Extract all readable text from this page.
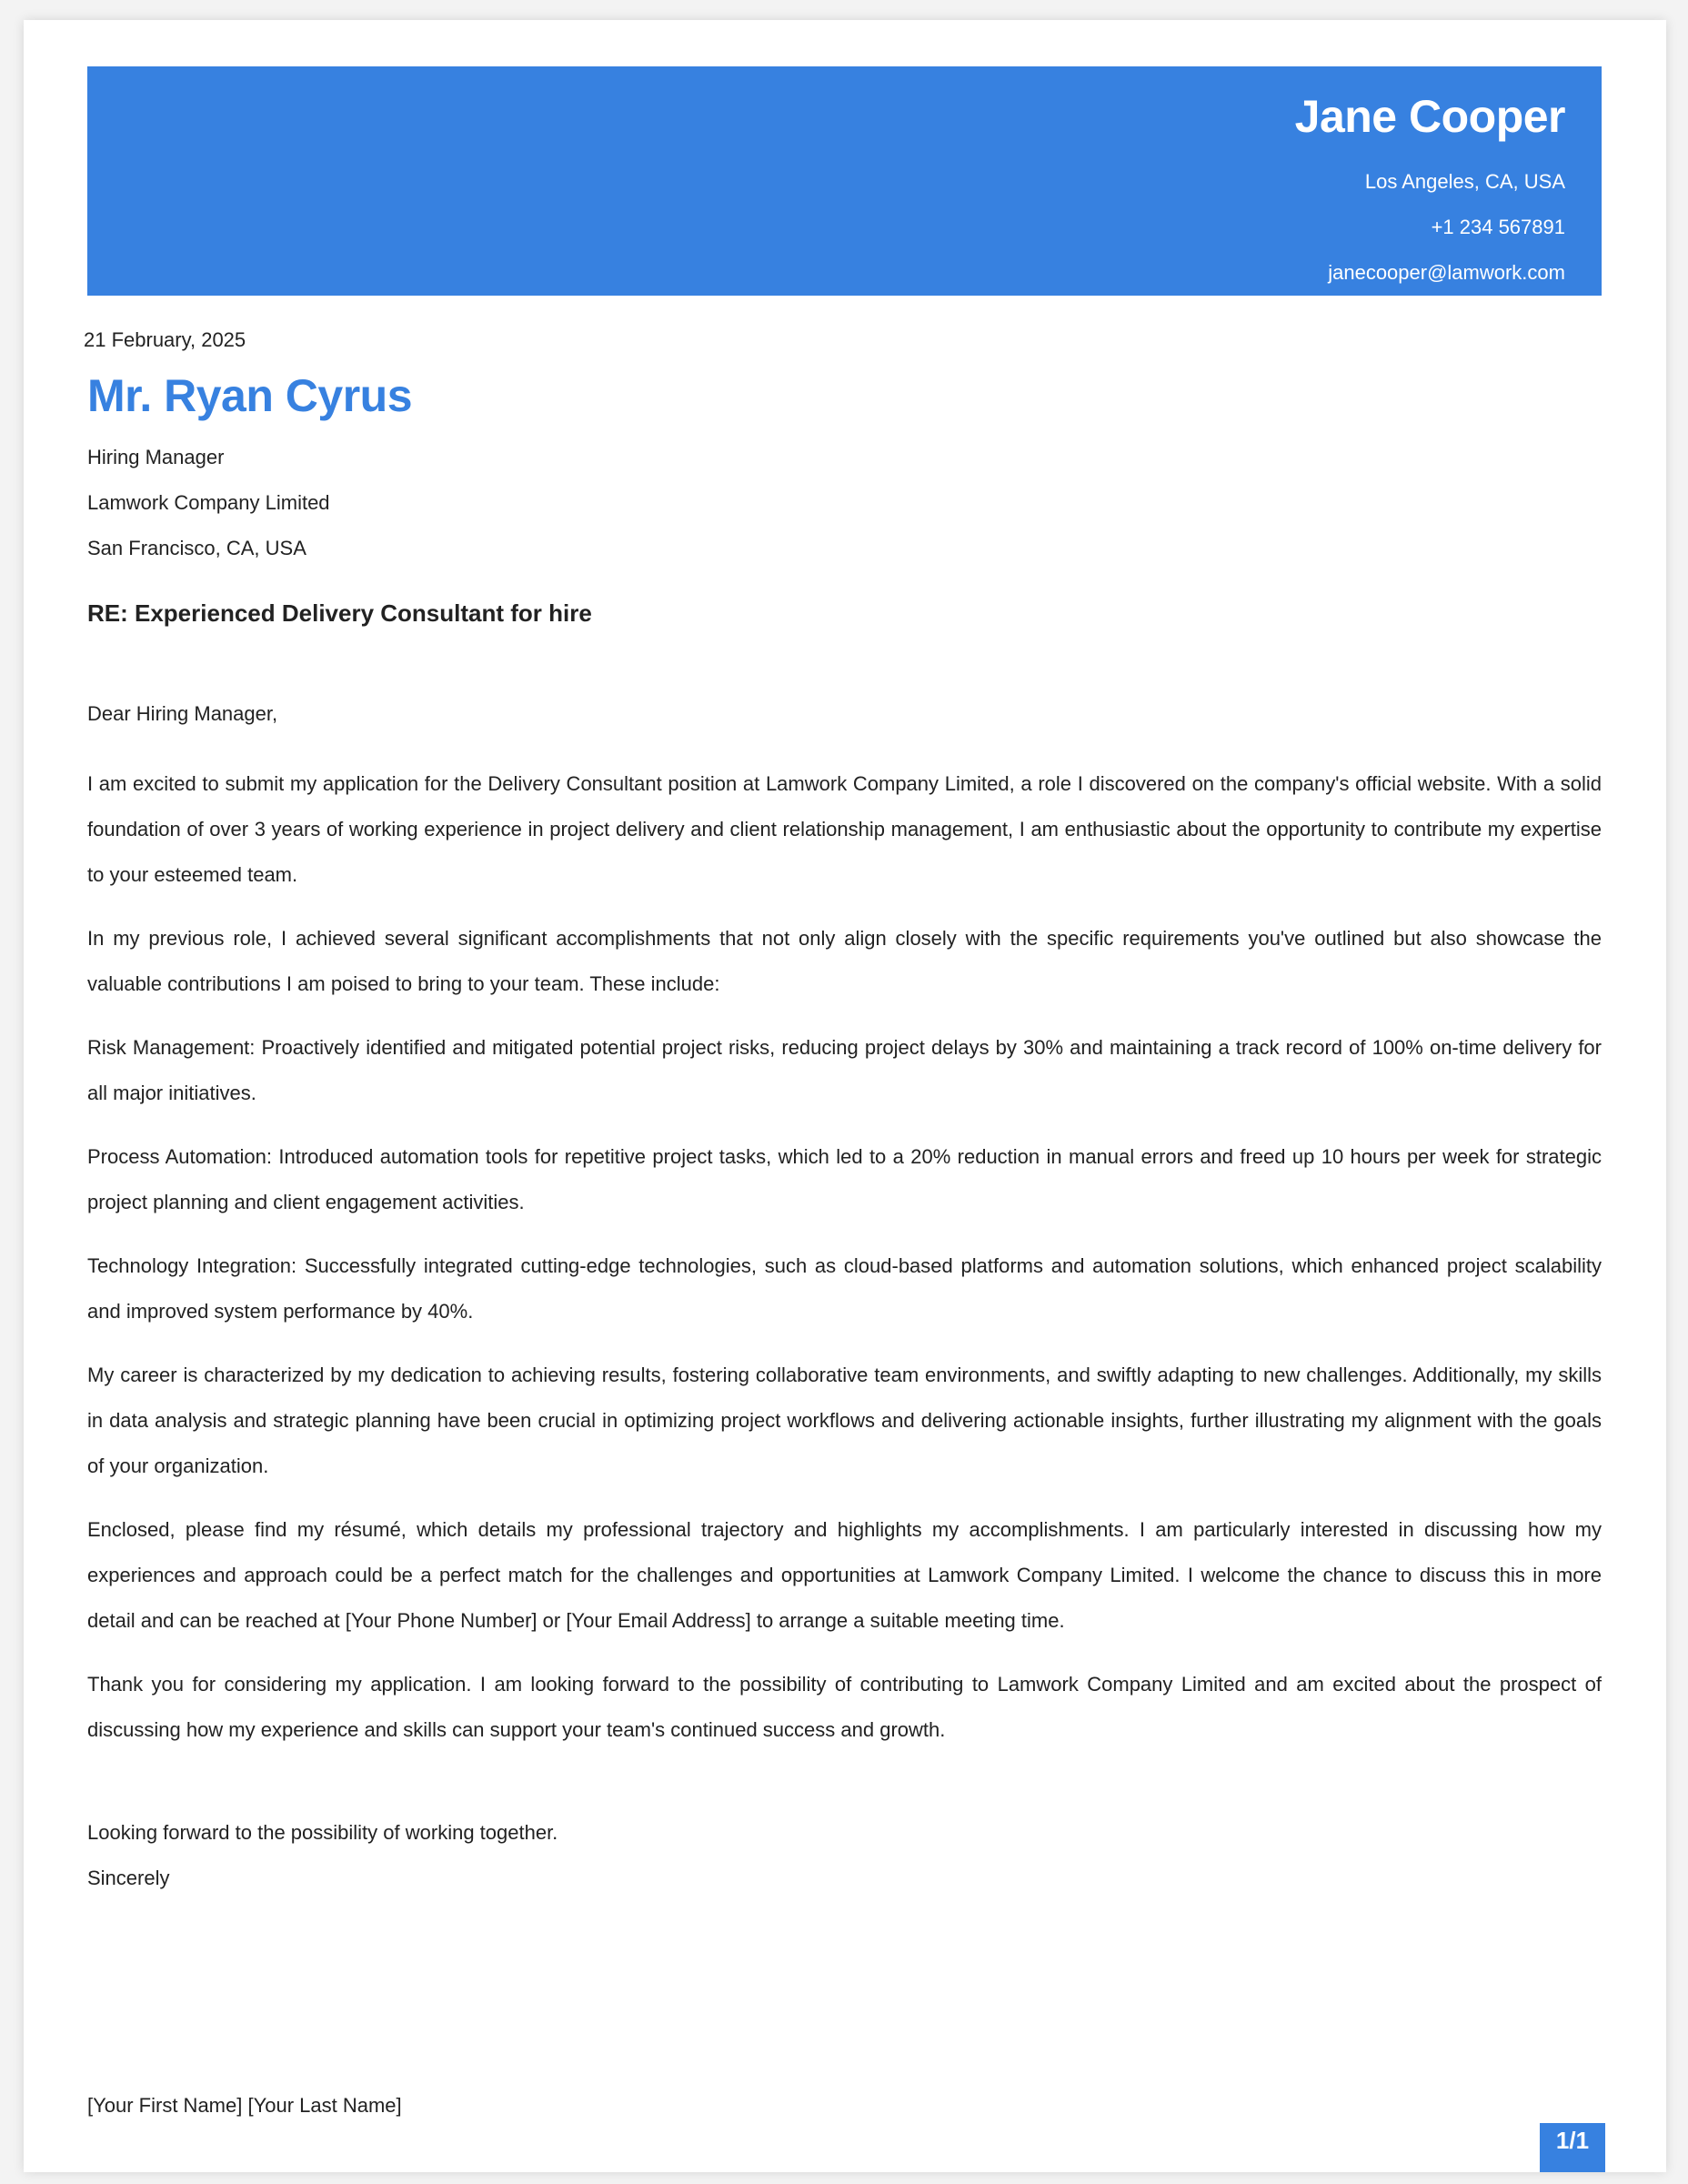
Jane Cooper
Los Angeles, CA, USA
+1 234 567891
janecooper@lamwork.com
21 February, 2025
Mr. Ryan Cyrus
Hiring Manager
Lamwork Company Limited
San Francisco, CA, USA
RE: Experienced Delivery Consultant for hire
Dear Hiring Manager,

I am excited to submit my application for the Delivery Consultant position at Lamwork Company Limited, a role I discovered on the company's official website. With a solid foundation of over 3 years of working experience in project delivery and client relationship management, I am enthusiastic about the opportunity to contribute my expertise to your esteemed team.

In my previous role, I achieved several significant accomplishments that not only align closely with the specific requirements you've outlined but also showcase the valuable contributions I am poised to bring to your team. These include:

Risk Management: Proactively identified and mitigated potential project risks, reducing project delays by 30% and maintaining a track record of 100% on-time delivery for all major initiatives.

Process Automation: Introduced automation tools for repetitive project tasks, which led to a 20% reduction in manual errors and freed up 10 hours per week for strategic project planning and client engagement activities.

Technology Integration: Successfully integrated cutting-edge technologies, such as cloud-based platforms and automation solutions, which enhanced project scalability and improved system performance by 40%.

My career is characterized by my dedication to achieving results, fostering collaborative team environments, and swiftly adapting to new challenges. Additionally, my skills in data analysis and strategic planning have been crucial in optimizing project workflows and delivering actionable insights, further illustrating my alignment with the goals of your organization.

Enclosed, please find my résumé, which details my professional trajectory and highlights my accomplishments. I am particularly interested in discussing how my experiences and approach could be a perfect match for the challenges and opportunities at Lamwork Company Limited. I welcome the chance to discuss this in more detail and can be reached at [Your Phone Number] or [Your Email Address] to arrange a suitable meeting time.

Thank you for considering my application. I am looking forward to the possibility of contributing to Lamwork Company Limited and am excited about the prospect of discussing how my experience and skills can support your team's continued success and growth.

Looking forward to the possibility of working together.
Sincerely
[Your First Name] [Your Last Name]
1/1
